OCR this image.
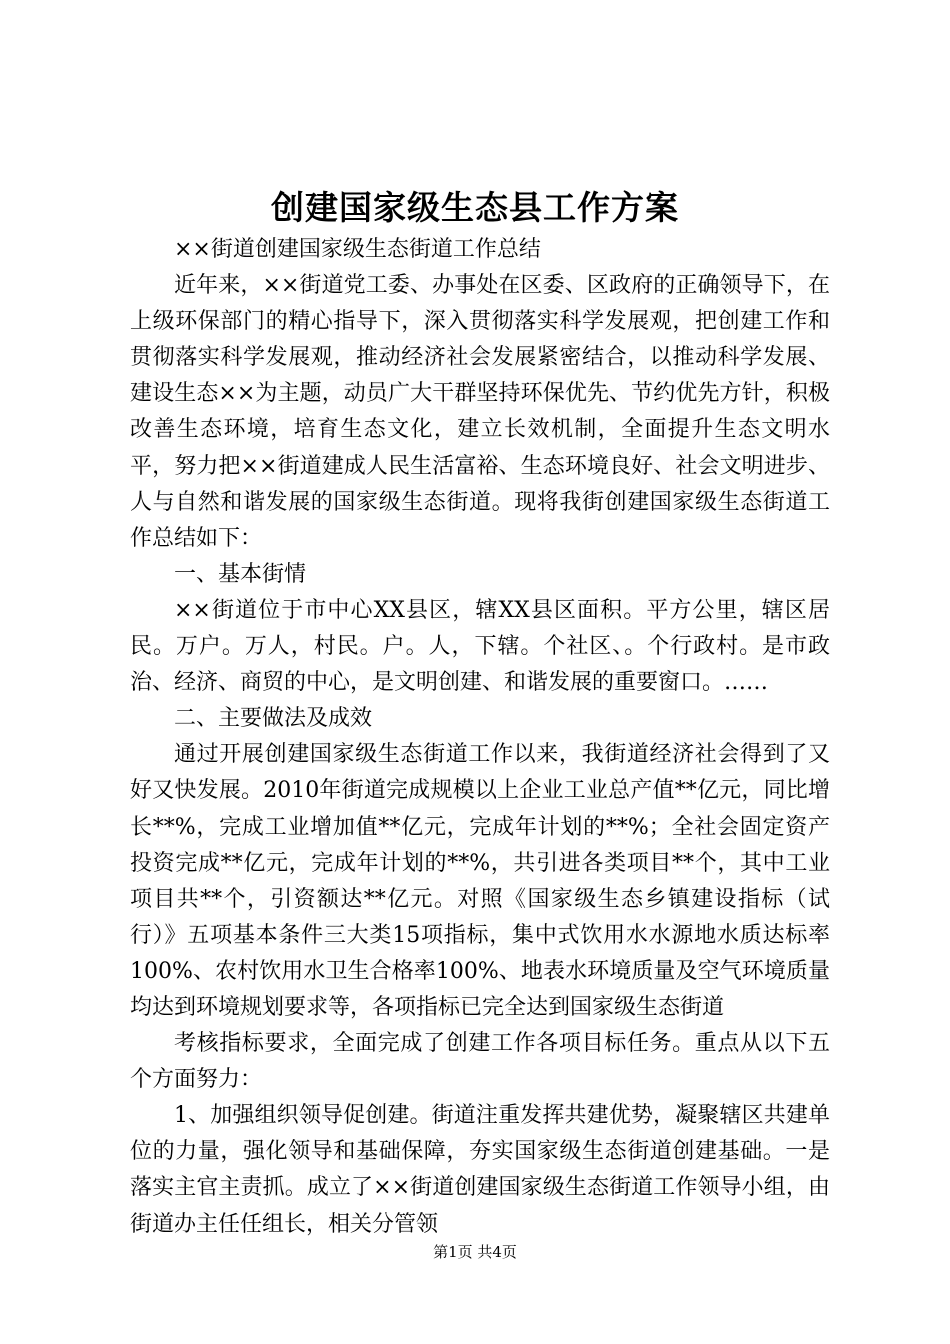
创建国家级生态县工作方案

××街道创建国家级生态街道工作总结

近年来，××街道党工委、办事处在区委、区政府的正确领导下，在上级环保部门的精心指导下，深入贯彻落实科学发展观，把创建工作和贯彻落实科学发展观，推动经济社会发展紧密结合，以推动科学发展、建设生态××为主题，动员广大干群坚持环保优先、节约优先方针，积极改善生态环境，培育生态文化，建立长效机制，全面提升生态文明水平，努力把××街道建成人民生活富裕、生态环境良好、社会文明进步、人与自然和谐发展的国家级生态街道。现将我街创建国家级生态街道工作总结如下：

一、基本街情

××街道位于市中心XX县区，辖XX县区面积。平方公里，辖区居民。万户。万人，村民。户。人，下辖。个社区、。个行政村。是市政治、经济、商贸的中心，是文明创建、和谐发展的重要窗口。……

二、主要做法及成效

通过开展创建国家级生态街道工作以来，我街道经济社会得到了又好又快发展。2010年街道完成规模以上企业工业总产值**亿元，同比增长**%，完成工业增加值**亿元，完成年计划的**%；全社会固定资产投资完成**亿元，完成年计划的**%，共引进各类项目**个，其中工业项目共**个，引资额达**亿元。对照《国家级生态乡镇建设指标（试行）》五项基本条件三大类15项指标，集中式饮用水水源地水质达标率100%、农村饮用水卫生合格率100%、地表水环境质量及空气环境质量均达到环境规划要求等，各项指标已完全达到国家级生态街道

考核指标要求，全面完成了创建工作各项目标任务。重点从以下五个方面努力：

1、加强组织领导促创建。街道注重发挥共建优势，凝聚辖区共建单位的力量，强化领导和基础保障，夯实国家级生态街道创建基础。一是落实主官主责抓。成立了××街道创建国家级生态街道工作领导小组，由街道办主任任组长，相关分管领

第1页 共4页
